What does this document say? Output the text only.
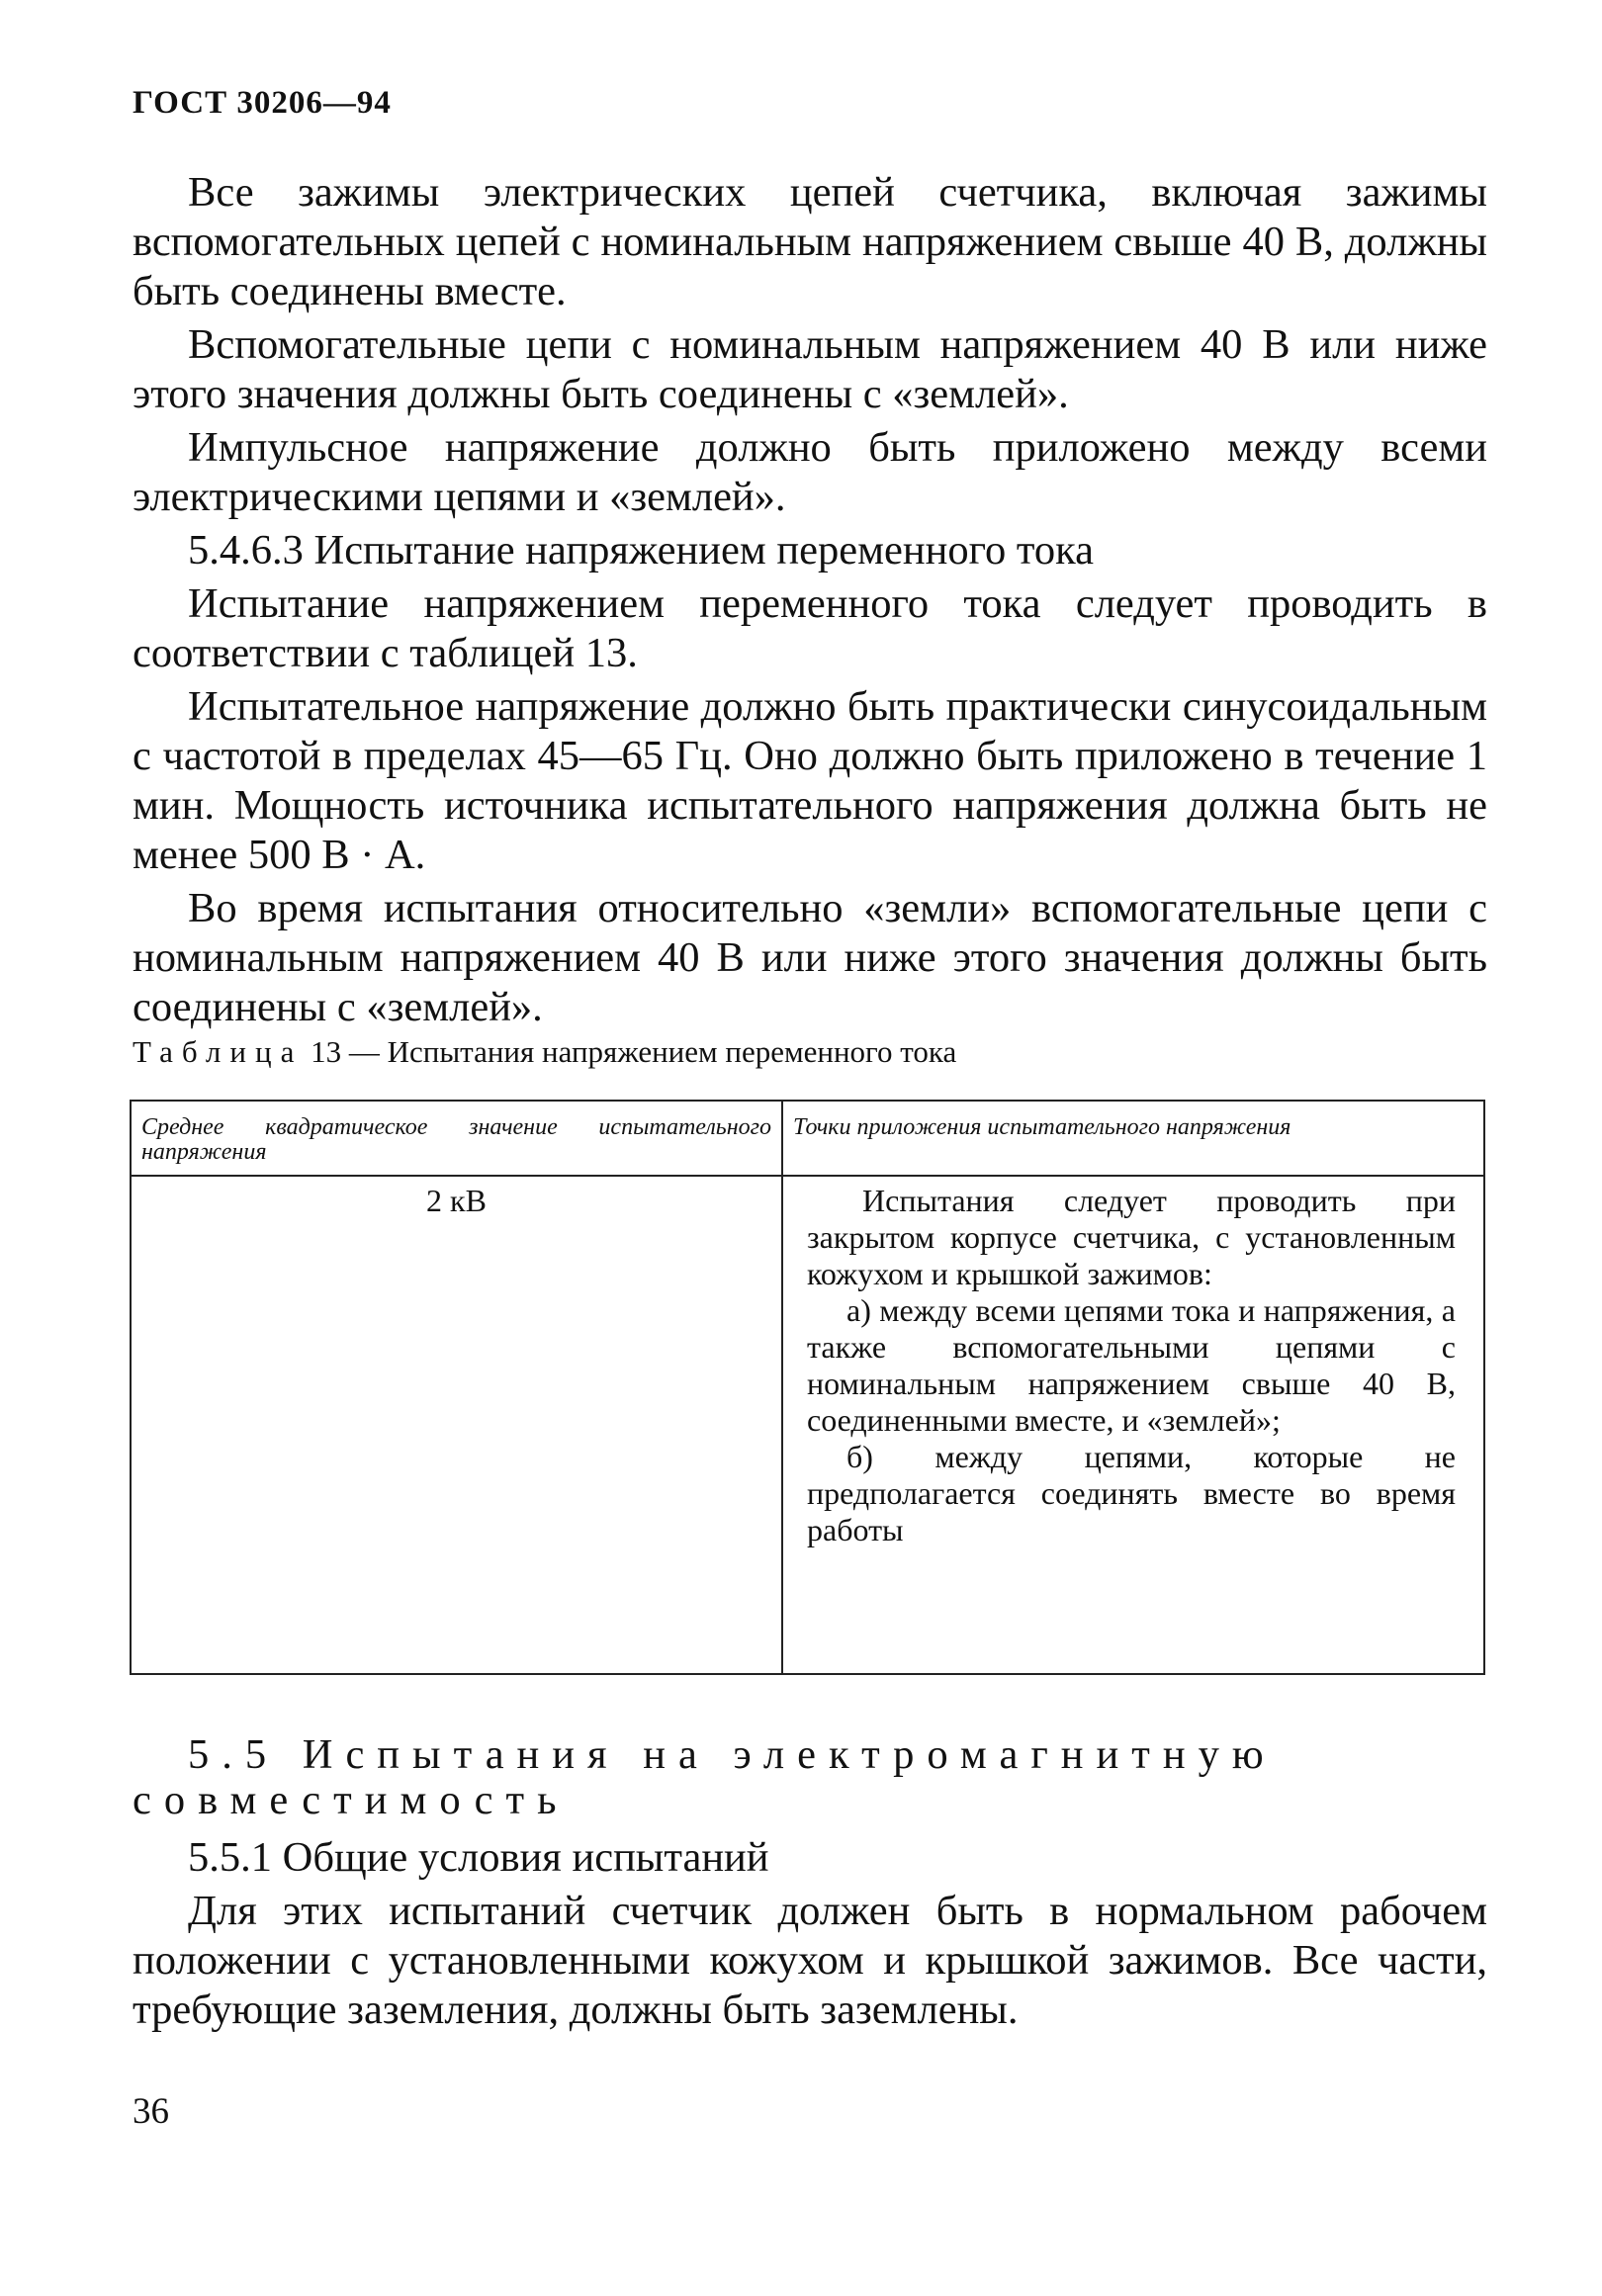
ГОСТ 30206—94

Все зажимы электрических цепей счетчика, включая зажимы вспомогательных цепей с номинальным напряжением свыше 40 В, должны быть соединены вместе.

Вспомогательные цепи с номинальным напряжением 40 В или ниже этого значения должны быть соединены с «землей».

Импульсное напряжение должно быть приложено между всеми электрическими цепями и «землей».

5.4.6.3 Испытание напряжением переменного тока

Испытание напряжением переменного тока следует проводить в соответствии с таблицей 13.

Испытательное напряжение должно быть практически синусоидальным с частотой в пределах 45—65 Гц. Оно должно быть приложено в течение 1 мин. Мощность источника испытательного напряжения должна быть не менее 500 В · А.

Во время испытания относительно «земли» вспомогательные цепи с номинальным напряжением 40 В или ниже этого значения должны быть соединены с «землей».

Таблица 13 — Испытания напряжением переменного тока
Среднее квадратическое значение испытательного напряжения	Точки приложения испытательного напряжения
2 кВ	Испытания следует проводить при закрытом корпусе счетчика, с установленным кожухом и крышкой зажимов:

а) между всеми цепями тока и напряжения, а также вспомогательными цепями с номинальным напряжением свыше 40 В, соединенными вместе, и «землей»;

б) между цепями, которые не предполагается соединять вместе во время работы

5.5 Испытания на электромагнитную совместимость

5.5.1 Общие условия испытаний

Для этих испытаний счетчик должен быть в нормальном рабочем положении с установленными кожухом и крышкой зажимов. Все части, требующие заземления, должны быть заземлены.

36
